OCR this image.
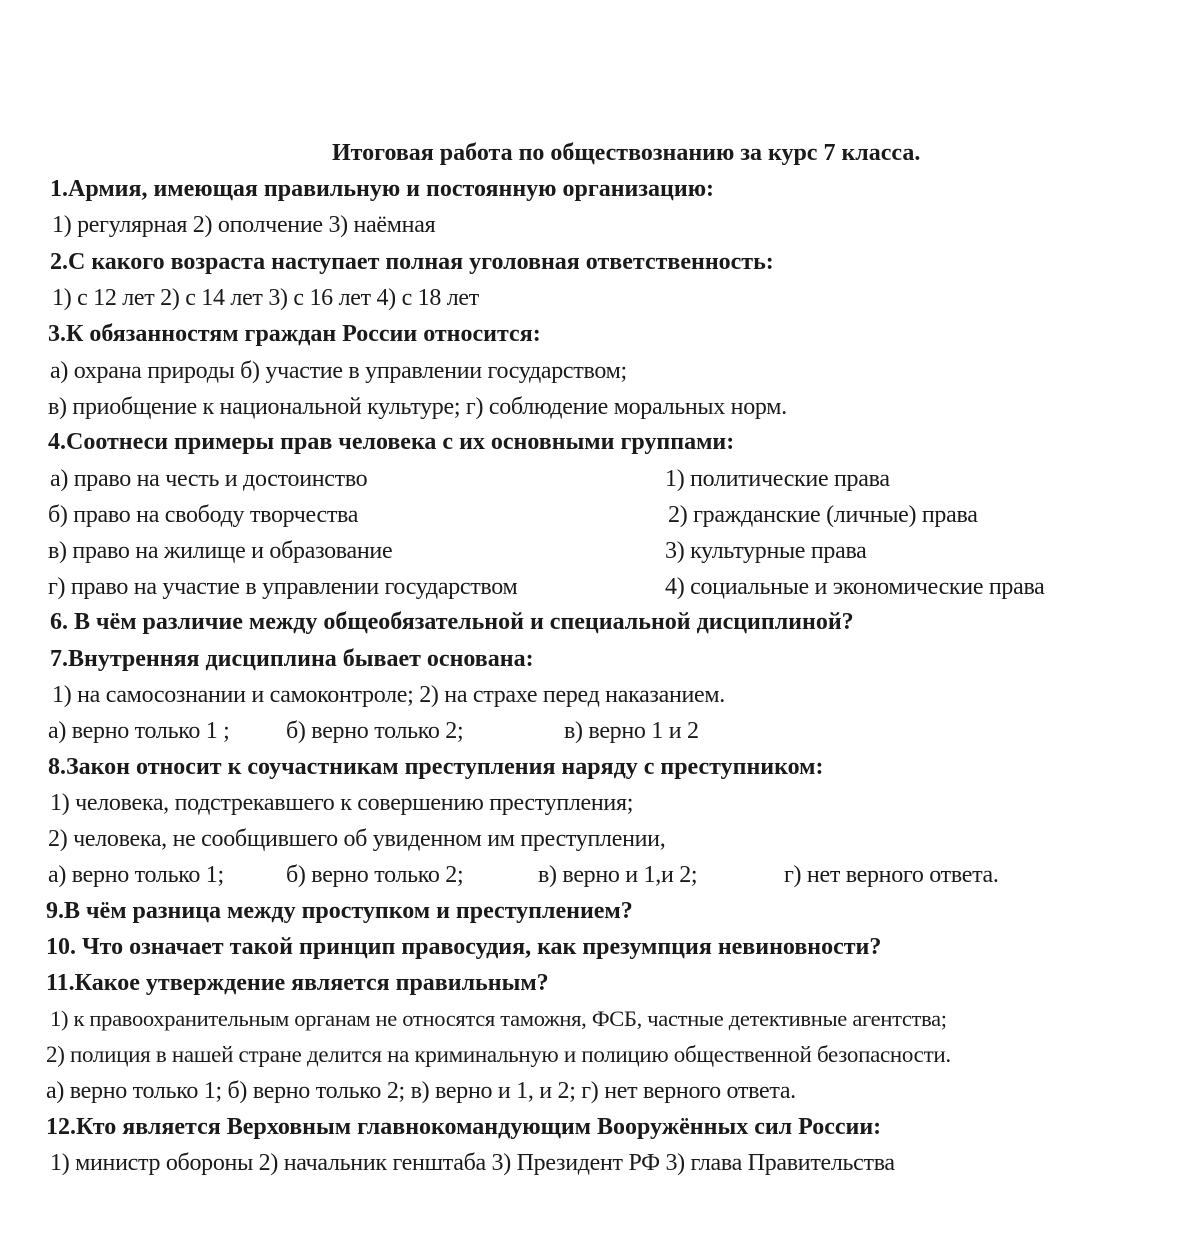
Итоговая работа по обществознанию за курс 7 класса.
1.Армия, имеющая правильную и постоянную организацию:
1) регулярная 2) ополчение 3) наёмная
2.С какого возраста наступает полная уголовная ответственность:
1) с 12 лет 2) с 14 лет 3) с 16 лет 4) с 18 лет
3.К обязанностям граждан России относится:
а) охрана природы б) участие в управлении государством;
в) приобщение к национальной культуре; г) соблюдение моральных норм.
4.Соотнеси примеры прав человека с их основными группами:
а) право на честь и достоинство	1) политические права
б) право на свободу творчества	2) гражданские (личные) права
в) право на жилище и образование	3) культурные права
г) право на участие в управлении государством	4) социальные и экономические права
6. В чём различие между общеобязательной и специальной дисциплиной?
7.Внутренняя дисциплина бывает основана:
1) на самосознании и самоконтроле; 2) на страхе перед наказанием.
а) верно только 1 ; б) верно только 2;	в) верно 1 и 2
8.Закон относит к соучастникам преступления наряду с преступником:
1) человека, подстрекавшего к совершению преступления;
2) человека, не сообщившего об увиденном им преступлении,
а) верно только 1;	б) верно только 2;	в) верно и 1,и 2;	г) нет верного ответа.
9.В чём разница между проступком и преступлением?
10. Что означает такой принцип правосудия, как презумпция невиновности?
11.Какое утверждение является правильным?
1) к правоохранительным органам не относятся таможня, ФСБ, частные детективные агентства;
2) полиция в нашей стране делится на криминальную и полицию общественной безопасности.
а) верно только 1; б) верно только 2; в) верно и 1, и 2; г) нет верного ответа.
12.Кто является Верховным главнокомандующим Вооружённых сил России:
1) министр обороны 2) начальник генштаба 3) Президент РФ 3) глава Правительства
